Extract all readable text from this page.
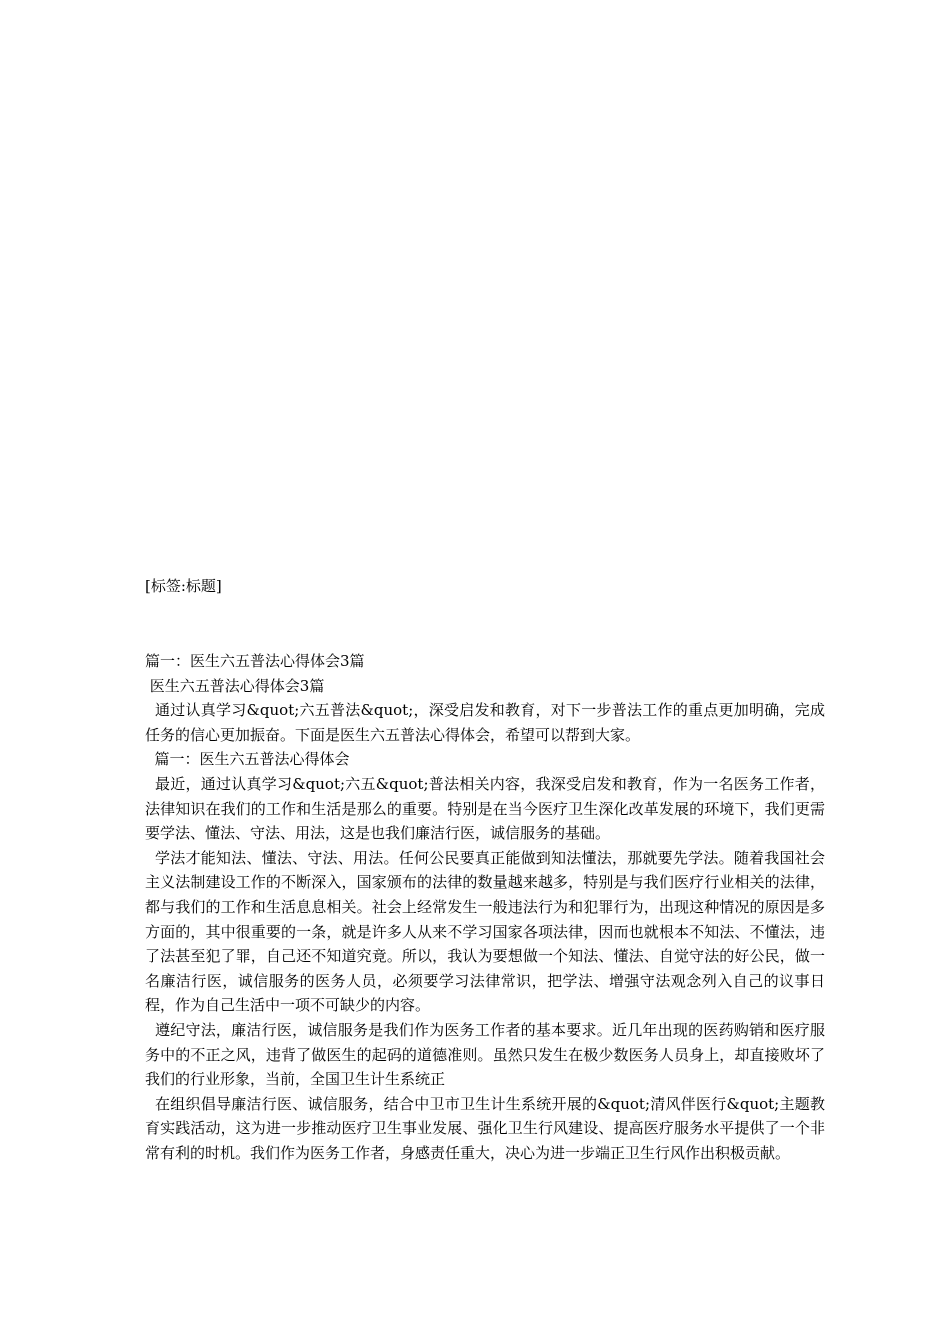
[标签:标题]

篇一：医生六五普法心得体会3篇

医生六五普法心得体会3篇

通过认真学习&quot;六五普法&quot;，深受启发和教育，对下一步普法工作的重点更加明确，完成任务的信心更加振奋。下面是医生六五普法心得体会，希望可以帮到大家。

篇一：医生六五普法心得体会

最近，通过认真学习&quot;六五&quot;普法相关内容，我深受启发和教育，作为一名医务工作者，法律知识在我们的工作和生活是那么的重要。特别是在当今医疗卫生深化改革发展的环境下，我们更需要学法、懂法、守法、用法，这是也我们廉洁行医，诚信服务的基础。

学法才能知法、懂法、守法、用法。任何公民要真正能做到知法懂法，那就要先学法。随着我国社会主义法制建设工作的不断深入，国家颁布的法律的数量越来越多，特别是与我们医疗行业相关的法律，都与我们的工作和生活息息相关。社会上经常发生一般违法行为和犯罪行为，出现这种情况的原因是多方面的，其中很重要的一条，就是许多人从来不学习国家各项法律，因而也就根本不知法、不懂法，违了法甚至犯了罪，自己还不知道究竟。所以，我认为要想做一个知法、懂法、自觉守法的好公民，做一名廉洁行医，诚信服务的医务人员，必须要学习法律常识，把学法、增强守法观念列入自己的议事日程，作为自己生活中一项不可缺少的内容。

遵纪守法，廉洁行医，诚信服务是我们作为医务工作者的基本要求。近几年出现的医药购销和医疗服务中的不正之风，违背了做医生的起码的道德准则。虽然只发生在极少数医务人员身上，却直接败坏了我们的行业形象，当前，全国卫生计生系统正

在组织倡导廉洁行医、诚信服务，结合中卫市卫生计生系统开展的&quot;清风伴医行&quot;主题教育实践活动，这为进一步推动医疗卫生事业发展、强化卫生行风建设、提高医疗服务水平提供了一个非常有利的时机。我们作为医务工作者，身感责任重大，决心为进一步端正卫生行风作出积极贡献。
